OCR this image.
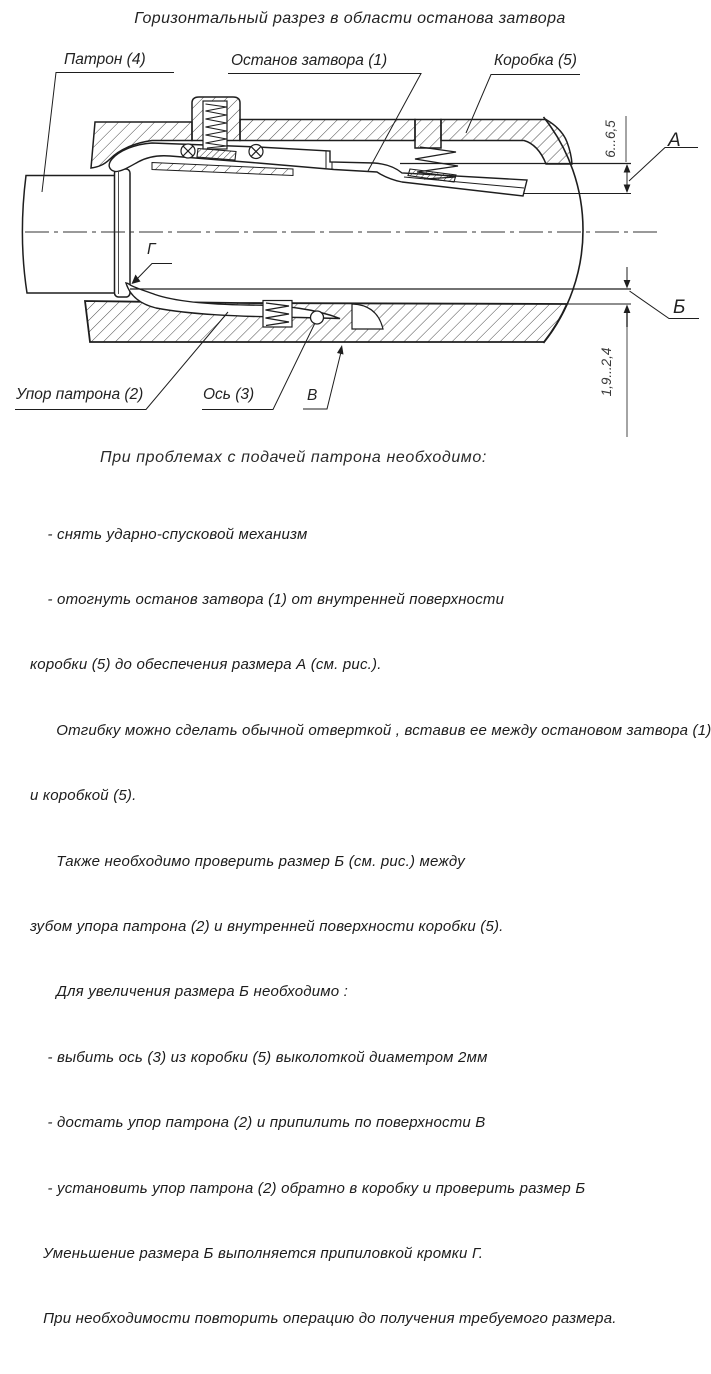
Горизонтальный разрез в области останова затвора
А
6...6,5
Б
1,9...2,4
Патрон (4)	Останов затвора (1)	Коробка (5)
Упор патрона (2)	Ось (3)	В
Г
При проблемах с подачей патрона необходимо:

- снять ударно-спусковой механизм

- отогнуть останов затвора (1) от внутренней поверхности

коробки (5) до обеспечения размера А (см. рис.).

Отгибку можно сделать обычной отверткой , вставив ее между остановом затвора (1)

и коробкой (5).

Также необходимо проверить размер Б (см. рис.) между

зубом упора патрона (2) и внутренней поверхности коробки (5).

Для увеличения размера Б необходимо :

- выбить ось (3) из коробки (5) выколоткой диаметром 2мм

- достать упор патрона (2) и припилить по поверхности В

- установить упор патрона (2) обратно в коробку и проверить размер Б

Уменьшение размера Б выполняется припиловкой кромки Г.

При необходимости повторить операцию до получения требуемого размера.
